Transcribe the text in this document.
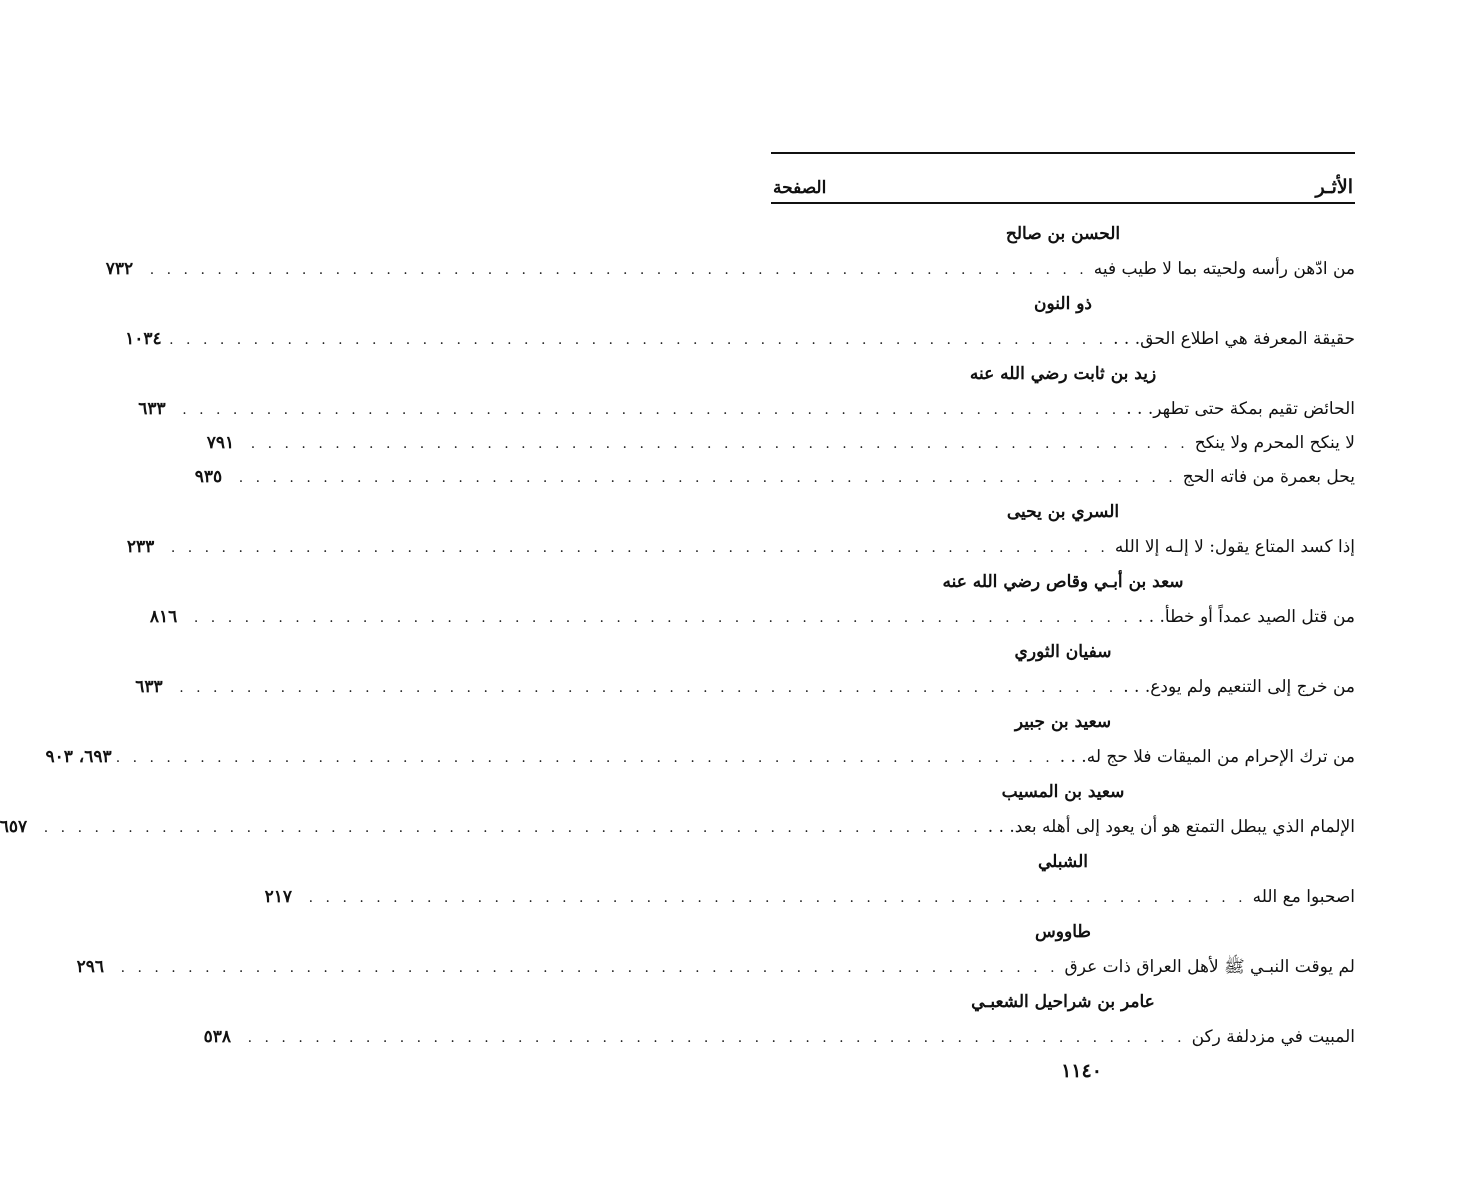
الأثـر
الصفحة
الحسن بن صالح
من ادّهن رأسه ولحيته بما لا طيب فيه
. . . . . . . . . . . . . . . . . . . . . . . . . . . . . . . . . . . . . . . . . . . . . . . . . . . . . . . .
٧٣٢
ذو النون
حقيقة المعرفة هي اطلاع الحق. . .
. . . . . . . . . . . . . . . . . . . . . . . . . . . . . . . . . . . . . . . . . . . . . . . . . . . . . . . .
١٠٣٤
زيد بن ثابت رضي الله عنه
الحائض تقيم بمكة حتى تطهر. . .
. . . . . . . . . . . . . . . . . . . . . . . . . . . . . . . . . . . . . . . . . . . . . . . . . . . . . . . .
٦٣٣
لا ينكح المحرم ولا ينكح
. . . . . . . . . . . . . . . . . . . . . . . . . . . . . . . . . . . . . . . . . . . . . . . . . . . . . . . .
٧٩١
يحل بعمرة من فاته الحج
. . . . . . . . . . . . . . . . . . . . . . . . . . . . . . . . . . . . . . . . . . . . . . . . . . . . . . . .
٩٣٥
السري بن يحيى
إذا كسد المتاع يقول: لا إلـه إلا الله
. . . . . . . . . . . . . . . . . . . . . . . . . . . . . . . . . . . . . . . . . . . . . . . . . . . . . . . .
٢٣٣
سعد بن أبـي وقاص رضي الله عنه
من قتل الصيد عمداً أو خطأ. . .
. . . . . . . . . . . . . . . . . . . . . . . . . . . . . . . . . . . . . . . . . . . . . . . . . . . . . . . .
٨١٦
سفيان الثوري
من خرج إلى التنعيم ولم يودع. . .
. . . . . . . . . . . . . . . . . . . . . . . . . . . . . . . . . . . . . . . . . . . . . . . . . . . . . . . .
٦٣٣
سعيد بن جبير
من ترك الإحرام من الميقات فلا حج له. . .
. . . . . . . . . . . . . . . . . . . . . . . . . . . . . . . . . . . . . . . . . . . . . . . . . . . . . . . .
٦٩٣، ٩٠٣
سعيد بن المسيب
الإلمام الذي يبطل التمتع هو أن يعود إلى أهله بعد. . .
. . . . . . . . . . . . . . . . . . . . . . . . . . . . . . . . . . . . . . . . . . . . . . . . . . . . . . . .
٦٥٧
الشبلي
اصحبوا مع الله
. . . . . . . . . . . . . . . . . . . . . . . . . . . . . . . . . . . . . . . . . . . . . . . . . . . . . . . .
٢١٧
طاووس
لم يوقت النبـي ﷺ لأهل العراق ذات عرق
. . . . . . . . . . . . . . . . . . . . . . . . . . . . . . . . . . . . . . . . . . . . . . . . . . . . . . . .
٢٩٦
عامر بن شراحيل الشعبـي
المبيت في مزدلفة ركن
. . . . . . . . . . . . . . . . . . . . . . . . . . . . . . . . . . . . . . . . . . . . . . . . . . . . . . . .
٥٣٨
١١٤٠
